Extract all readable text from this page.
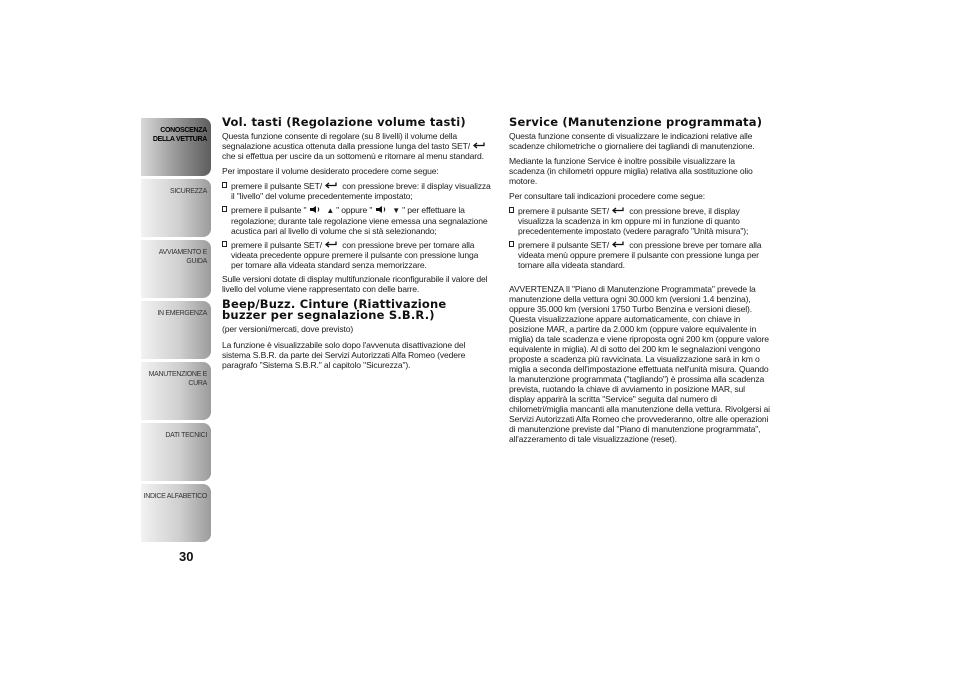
CONOSCENZA
DELLA VETTURA
SICUREZZA
AVVIAMENTO E
GUIDA
IN EMERGENZA
MANUTENZIONE E
CURA
DATI TECNICI
INDICE ALFABETICO
30
Vol. tasti (Regolazione volume tasti)

Questa funzione consente di regolare (su 8 livelli) il volume della segnalazione acustica ottenuta dalla pressione lunga del tasto SET/ che si effettua per uscire da un sottomenù e ritornare al menu standard.

Per impostare il volume desiderato procedere come segue:

premere il pulsante SET/ con pressione breve: il display visualizza il "livello" del volume precedentemente impostato;
premere il pulsante "	▲ " oppure "	▼ " per effettuare la regolazione; durante tale regolazione viene emessa una segnalazione acustica pari al livello di volume che si stà selezionando;
premere il pulsante SET/ con pressione breve per tornare alla videata precedente oppure premere il pulsante con pressione lunga per tornare alla videata standard senza memorizzare.

Sulle versioni dotate di display multifunzionale riconfigurabile il valore del livello del volume viene rappresentato con delle barre.

Beep/Buzz. Cinture (Riattivazione buzzer per segnalazione S.B.R.)

(per versioni/mercati, dove previsto)

La funzione è visualizzabile solo dopo l'avvenuta disattivazione del sistema S.B.R. da parte dei Servizi Autorizzati Alfa Romeo (vedere paragrafo "Sistema S.B.R." al capitolo "Sicurezza").

Service (Manutenzione programmata)

Questa funzione consente di visualizzare le indicazioni relative alle scadenze chilometriche o giornaliere dei tagliandi di manutenzione.

Mediante la funzione Service è inoltre possibile visualizzare la scadenza (in chilometri oppure miglia) relativa alla sostituzione olio motore.

Per consultare tali indicazioni procedere come segue:

premere il pulsante SET/ con pressione breve, il display visualizza la scadenza in km oppure mi in funzione di quanto precedentemente impostato (vedere paragrafo "Unità misura");
premere il pulsante SET/ con pressione breve per tornare alla videata menù oppure premere il pulsante con pressione lunga per tornare alla videata standard.

AVVERTENZA Il "Piano di Manutenzione Programmata" prevede la manutenzione della vettura ogni 30.000 km (versioni 1.4 benzina), oppure 35.000 km (versioni 1750 Turbo Benzina e versioni diesel). Questa visualizzazione appare automaticamente, con chiave in posizione MAR, a partire da 2.000 km (oppure valore equivalente in miglia) da tale scadenza e viene riproposta ogni 200 km (oppure valore equivalente in miglia). Al di sotto dei 200 km le segnalazioni vengono proposte a scadenza più ravvicinata. La visualizzazione sarà in km o miglia a seconda dell'impostazione effettuata nell'unità misura. Quando la manutenzione programmata ("tagliando") è prossima alla scadenza prevista, ruotando la chiave di avviamento in posizione MAR, sul display apparirà la scritta "Service" seguita dal numero di chilometri/miglia mancanti alla manutenzione della vettura. Rivolgersi ai Servizi Autorizzati Alfa Romeo che provvederanno, oltre alle operazioni di manutenzione previste dal "Piano di manutenzione programmata", all'azzeramento di tale visualizzazione (reset).
